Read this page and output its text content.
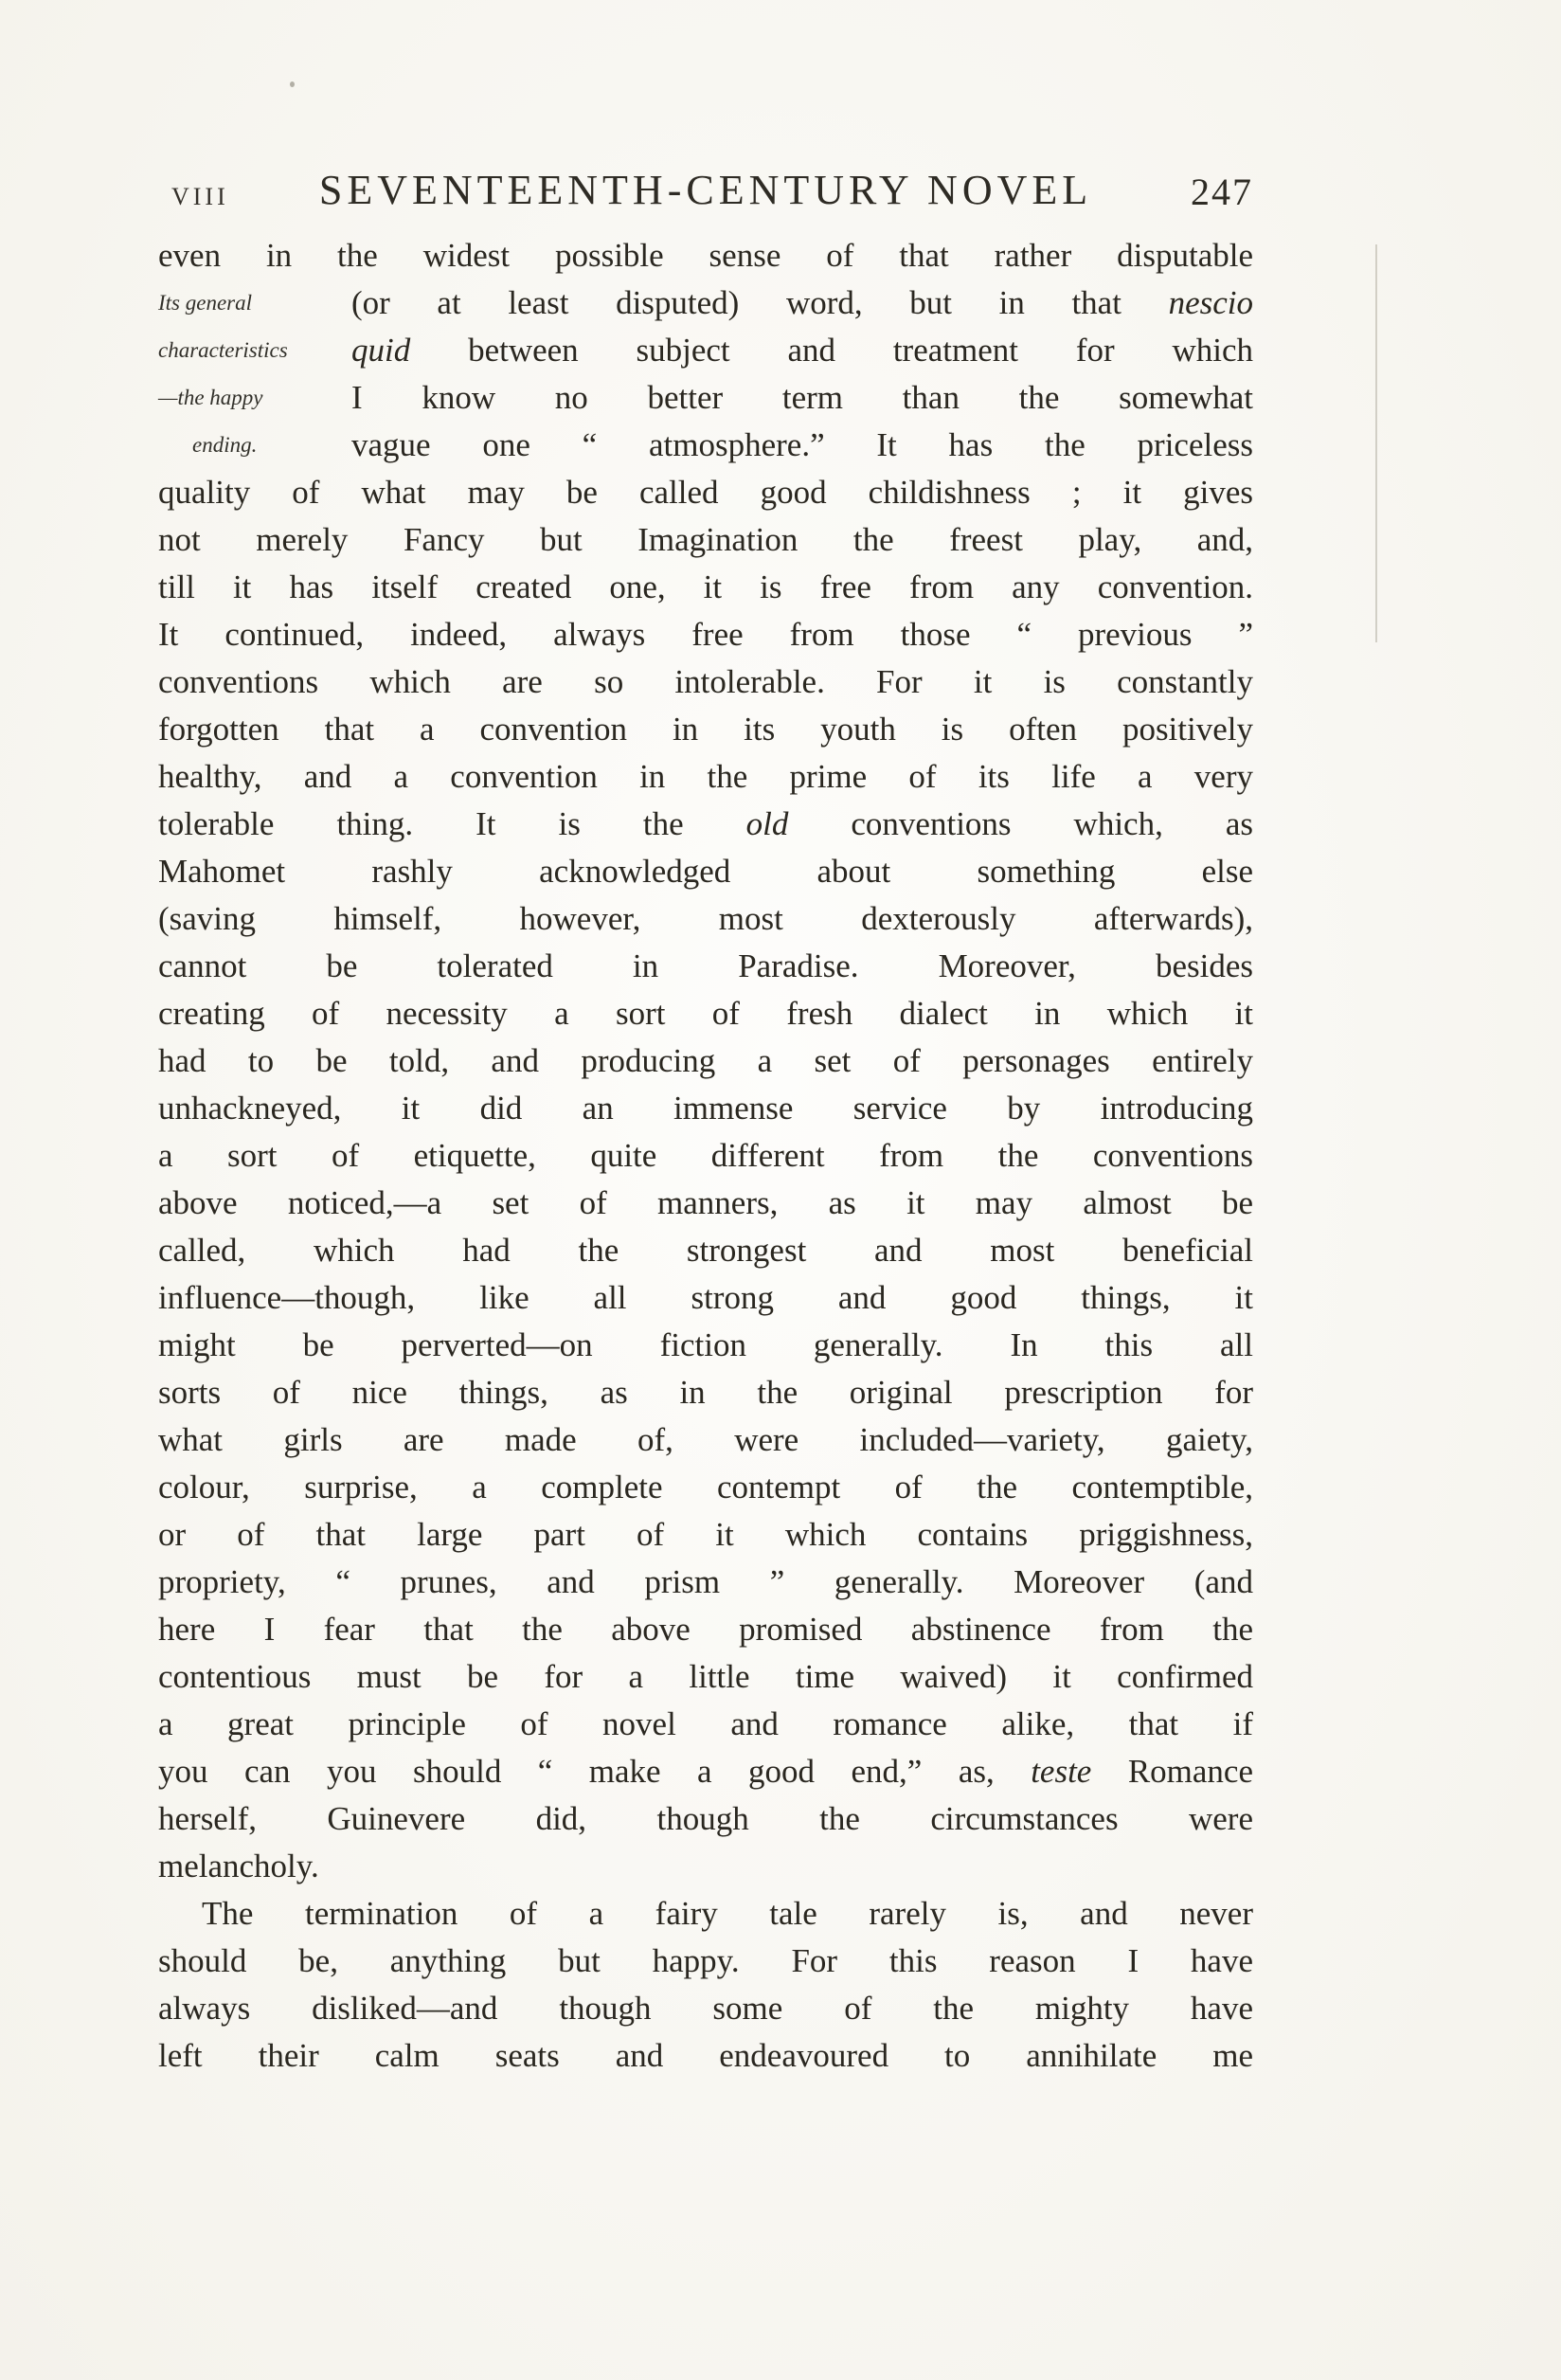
VIII SEVENTEENTH-CENTURY NOVEL	247
even in the widest possible sense of that rather disputable
Its general	(or at least disputed) word, but in that nescio
characteristics	quid between subject and treatment for which
—the happy	I know no better term than the somewhat
ending.	vague one “ atmosphere.” It has the priceless
quality of what may be called good childishness ; it gives
not merely Fancy but Imagination the freest play, and,
till it has itself created one, it is free from any convention.
It continued, indeed, always free from those “ previous ”
conventions which are so intolerable. For it is constantly
forgotten that a convention in its youth is often positively
healthy, and a convention in the prime of its life a very
tolerable thing. It is the old conventions which, as
Mahomet rashly acknowledged about something else
(saving himself, however, most dexterously afterwards),
cannot be tolerated in Paradise. Moreover, besides
creating of necessity a sort of fresh dialect in which it
had to be told, and producing a set of personages entirely
unhackneyed, it did an immense service by introducing
a sort of etiquette, quite different from the conventions
above noticed,—a set of manners, as it may almost be
called, which had the strongest and most beneficial
influence—though, like all strong and good things, it
might be perverted—on fiction generally. In this all
sorts of nice things, as in the original prescription for
what girls are made of, were included—variety, gaiety,
colour, surprise, a complete contempt of the contemptible,
or of that large part of it which contains priggishness,
propriety, “ prunes, and prism ” generally. Moreover (and
here I fear that the above promised abstinence from the
contentious must be for a little time waived) it confirmed
a great principle of novel and romance alike, that if
you can you should “ make a good end,” as, teste Romance
herself, Guinevere did, though the circumstances were
melancholy.
The termination of a fairy tale rarely is, and never
should be, anything but happy. For this reason I have
always disliked—and though some of the mighty have
left their calm seats and endeavoured to annihilate me
